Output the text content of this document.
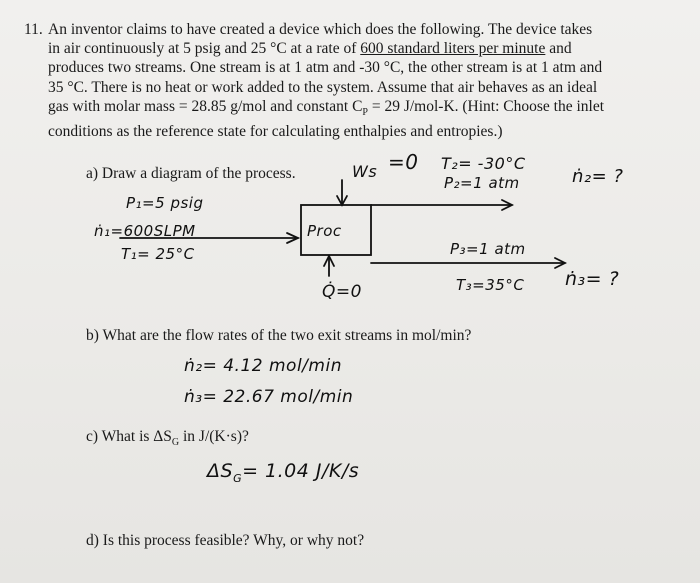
11. An inventor claims to have created a device which does the following. The device takes
in air continuously at 5 psig and 25 °C at a rate of 600 standard liters per minute and
produces two streams. One stream is at 1 atm and -30 °C, the other stream is at 1 atm and
35 °C. There is no heat or work added to the system. Assume that air behaves as an ideal
gas with molar mass = 28.85 g/mol and constant $C_P = 29$ J/mol-K. (Hint: Choose the inlet
conditions as the reference state for calculating enthalpies and entropies.)
a) Draw a diagram of the process.
b) What are the flow rates of the two exit streams in mol/min?
c) What is $\Delta S_G$ in J/(K·s)?
d) Is this process feasible? Why, or why not?
Ws =0 T₂= -30°C
P₂=1 atm	ṅ₂= ?
P₁=5 psig
ṅ₁=600SLPM
T₁= 25°C
Proc
P₃=1 atm
Q̇=0	T₃=35°C ṅ₃= ?
ṅ₂= 4.12 mol/min
ṅ₃= 22.67 mol/min
$\Delta S_G= 1.04$ J/K/s
